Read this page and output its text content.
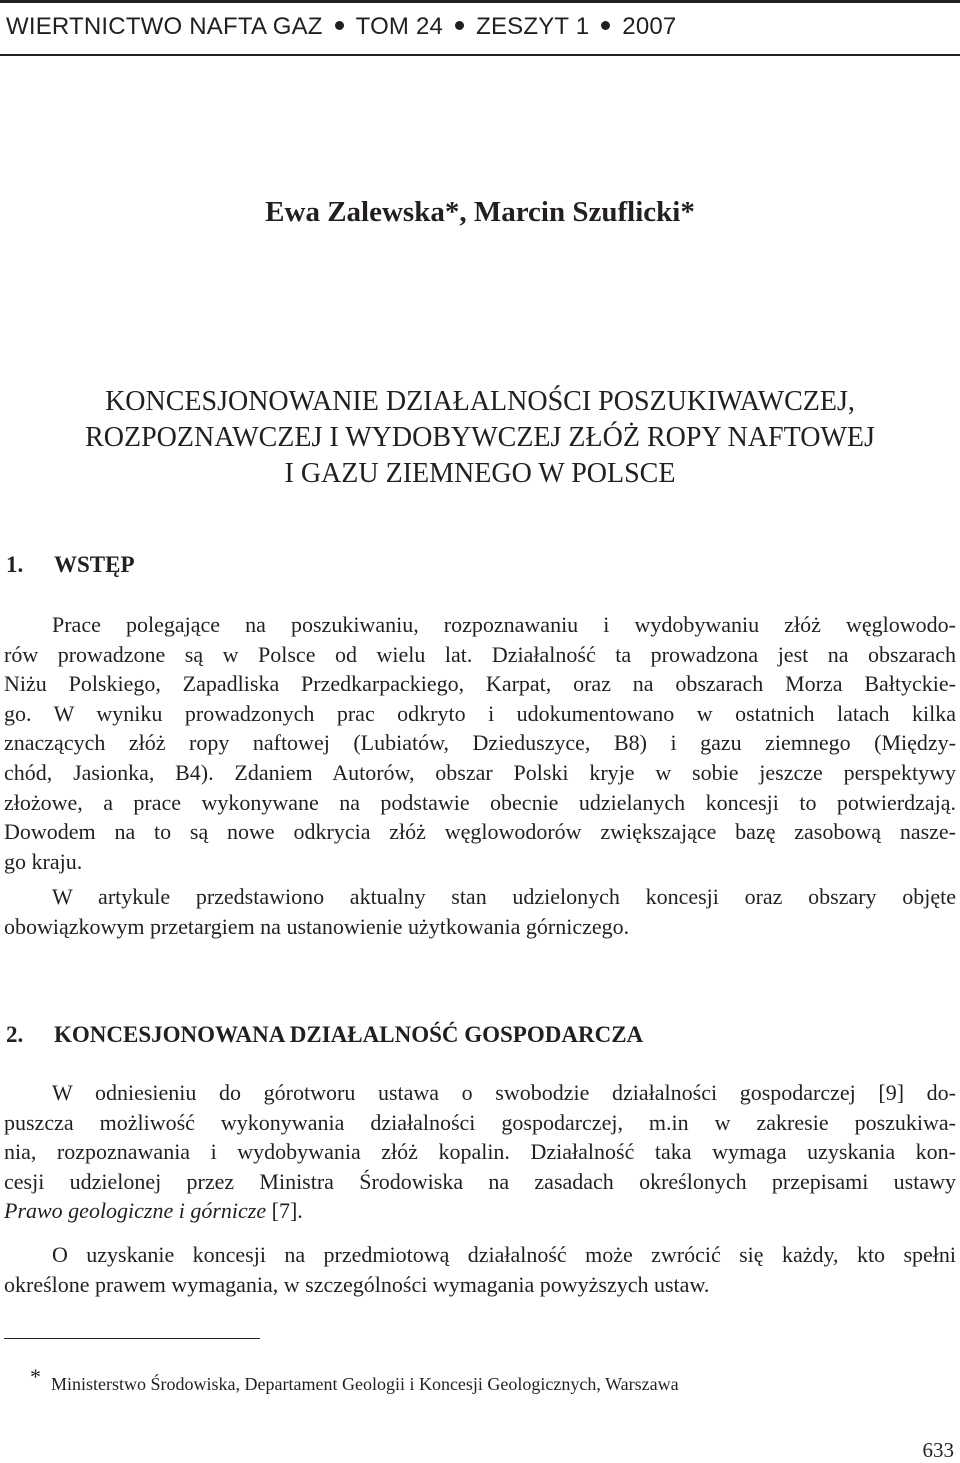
WIERTNICTWO NAFTA GAZ TOM 24 ZESZYT 1 2007
Ewa Zalewska*, Marcin Szuflicki*
KONCESJONOWANIE DZIAŁALNOŚCI POSZUKIWAWCZEJ,
ROZPOZNAWCZEJ I WYDOBYWCZEJ ZŁÓŻ ROPY NAFTOWEJ
I GAZU ZIEMNEGO W POLSCE
1. WSTĘP
Prace polegające na poszukiwaniu, rozpoznawaniu i wydobywaniu złóż węglowodo-
rów prowadzone są w Polsce od wielu lat. Działalność ta prowadzona jest na obszarach
Niżu Polskiego, Zapadliska Przedkarpackiego, Karpat, oraz na obszarach Morza Bałtyckie-
go. W wyniku prowadzonych prac odkryto i udokumentowano w ostatnich latach kilka
znaczących złóż ropy naftowej (Lubiatów, Dzieduszyce, B8) i gazu ziemnego (Między-
chód, Jasionka, B4). Zdaniem Autorów, obszar Polski kryje w sobie jeszcze perspektywy
złożowe, a prace wykonywane na podstawie obecnie udzielanych koncesji to potwierdzają.
Dowodem na to są nowe odkrycia złóż węglowodorów zwiększające bazę zasobową nasze-
go kraju.
W artykule przedstawiono aktualny stan udzielonych koncesji oraz obszary objęte
obowiązkowym przetargiem na ustanowienie użytkowania górniczego.
2. KONCESJONOWANA DZIAŁALNOŚĆ GOSPODARCZA
W odniesieniu do górotworu ustawa o swobodzie działalności gospodarczej [9] do-
puszcza możliwość wykonywania działalności gospodarczej, m.in w zakresie poszukiwa-
nia, rozpoznawania i wydobywania złóż kopalin. Działalność taka wymaga uzyskania kon-
cesji udzielonej przez Ministra Środowiska na zasadach określonych przepisami ustawy
Prawo geologiczne i górnicze [7].
O uzyskanie koncesji na przedmiotową działalność może zwrócić się każdy, kto spełni
określone prawem wymagania, w szczególności wymagania powyższych ustaw.
* Ministerstwo Środowiska, Departament Geologii i Koncesji Geologicznych, Warszawa
633
